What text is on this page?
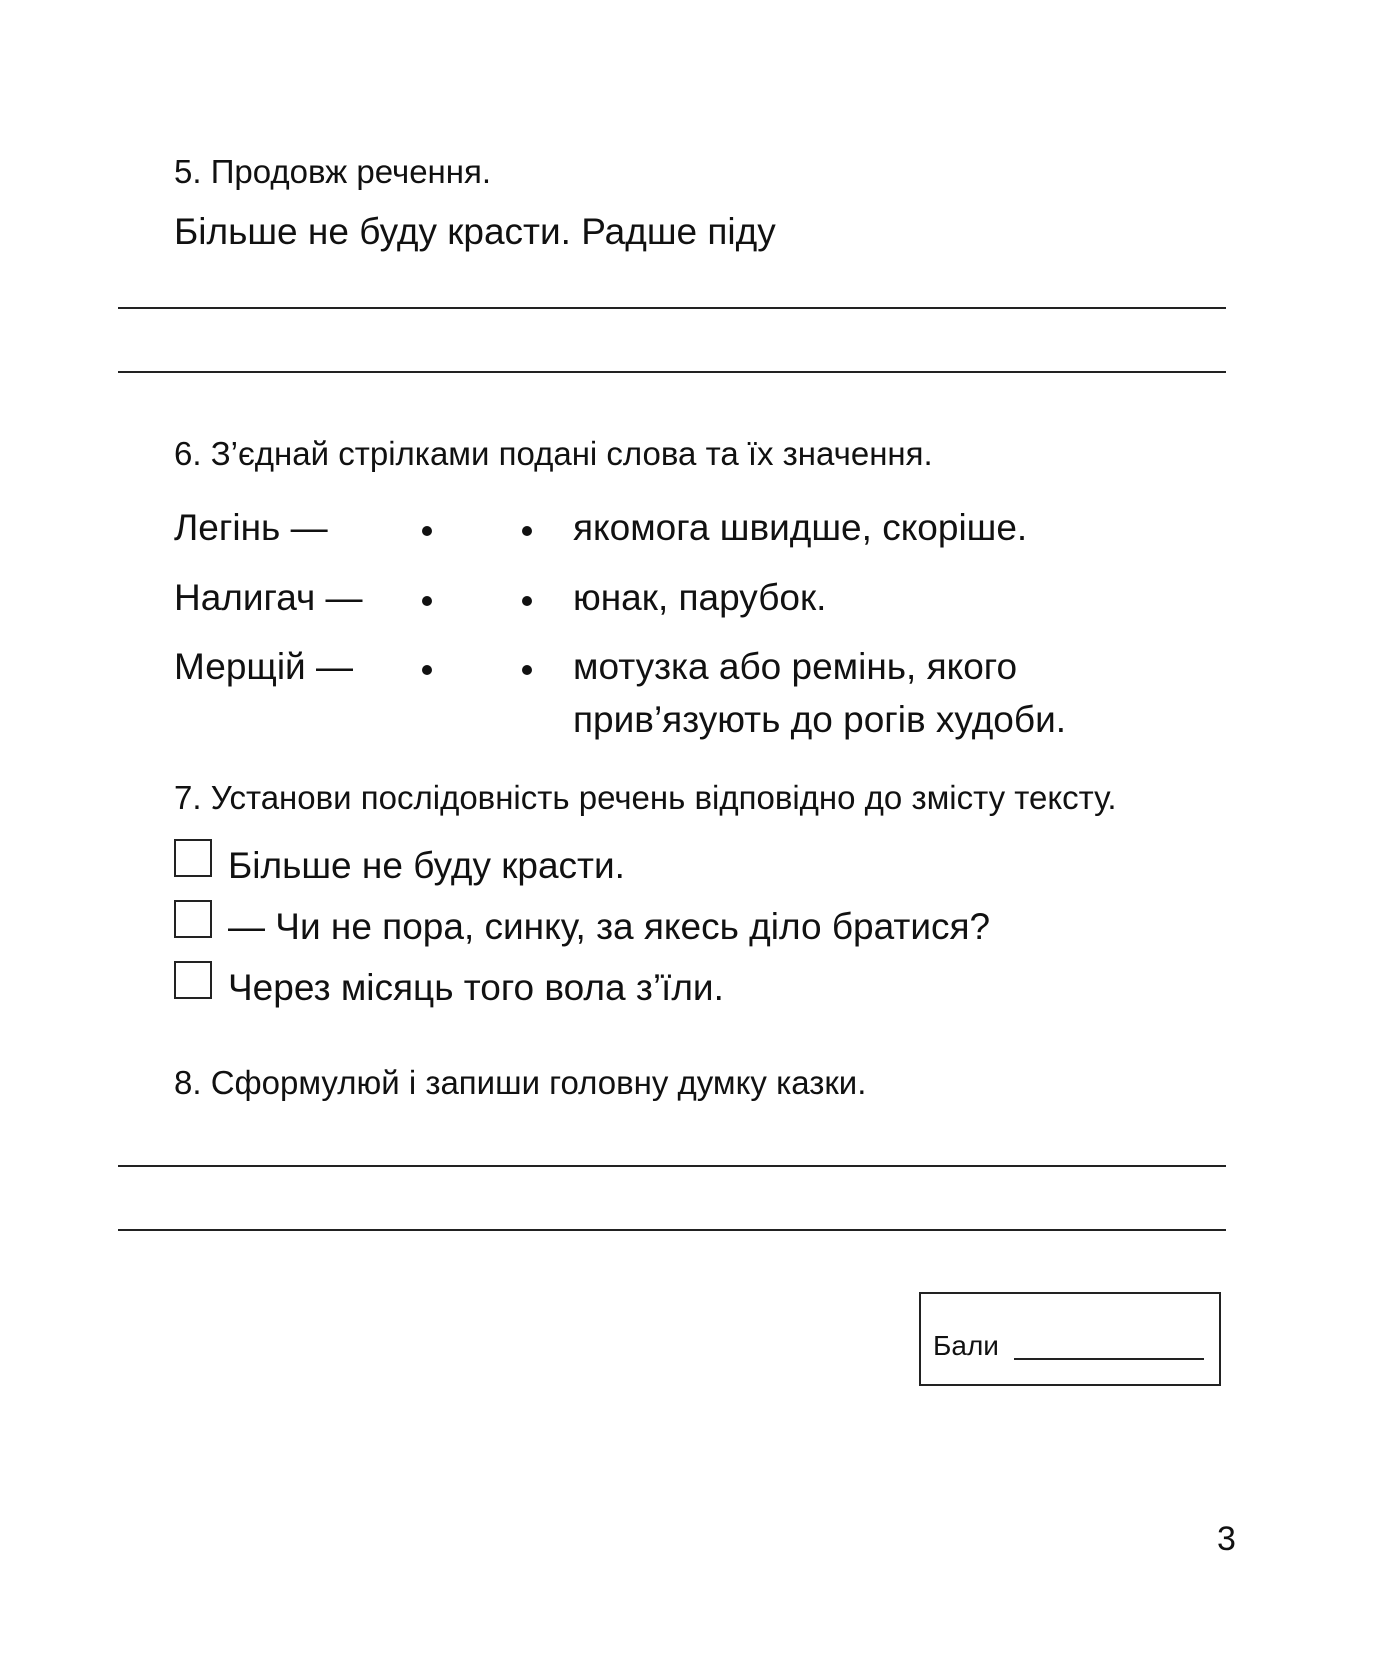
5. Продовж речення.
Більше не буду красти. Радше піду
6. З’єднай стрілками подані слова та їх значення.
Легінь —
Налигач —
Мерщій —
якомога швидше, скоріше.
юнак, парубок.
мотузка або ремінь, якого
прив’язують до рогів худоби.
7. Установи послідовність речень відповідно до змісту тексту.
Більше не буду красти.
— Чи не пора, синку, за якесь діло братися?
Через місяць того вола з’їли.
8. Сформулюй і запиши головну думку казки.
Бали
3
